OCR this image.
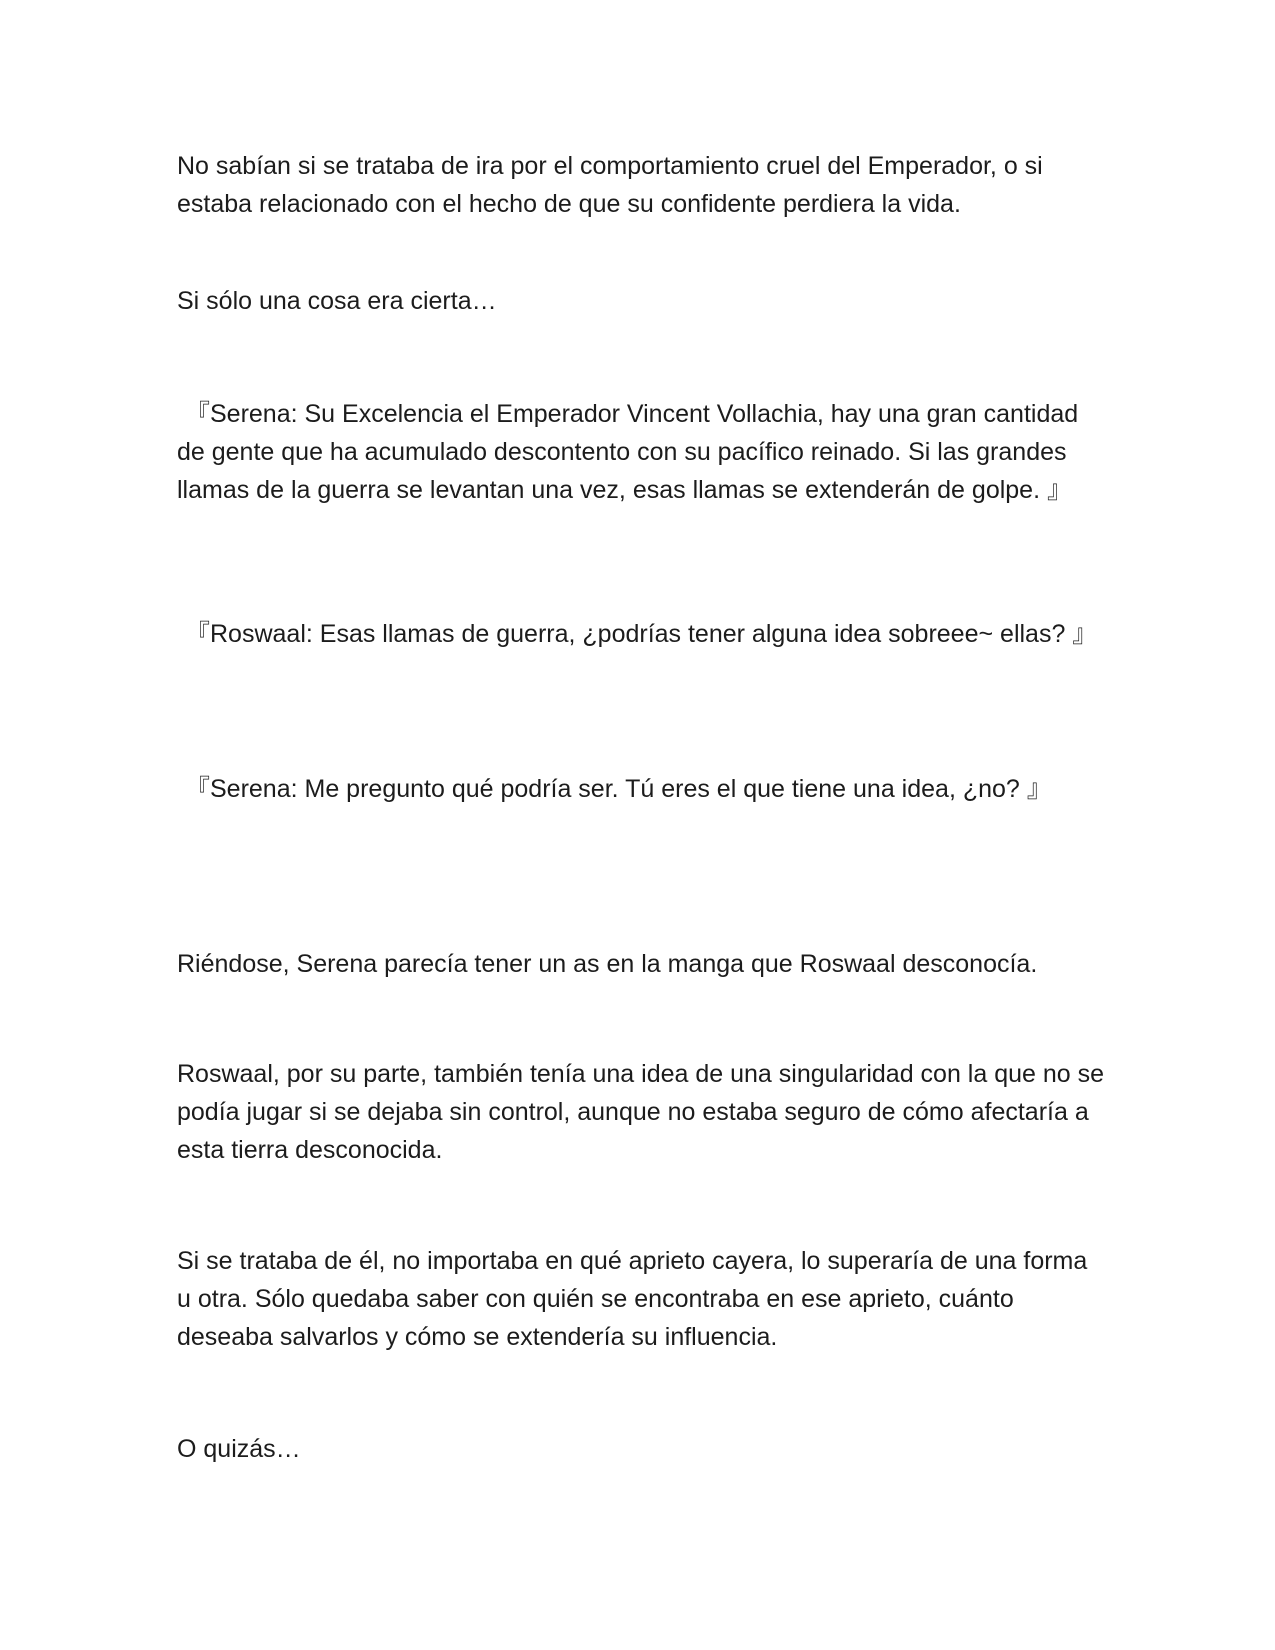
No sabían si se trataba de ira por el comportamiento cruel del Emperador, o si estaba relacionado con el hecho de que su confidente perdiera la vida.

Si sólo una cosa era cierta…

『Serena: Su Excelencia el Emperador Vincent Vollachia, hay una gran cantidad de gente que ha acumulado descontento con su pacífico reinado. Si las grandes llamas de la guerra se levantan una vez, esas llamas se extenderán de golpe. 』

『Roswaal: Esas llamas de guerra, ¿podrías tener alguna idea sobreee~ ellas? 』

『Serena: Me pregunto qué podría ser. Tú eres el que tiene una idea, ¿no? 』

Riéndose, Serena parecía tener un as en la manga que Roswaal desconocía.

Roswaal, por su parte, también tenía una idea de una singularidad con la que no se podía jugar si se dejaba sin control, aunque no estaba seguro de cómo afectaría a esta tierra desconocida.

Si se trataba de él, no importaba en qué aprieto cayera, lo superaría de una forma u otra. Sólo quedaba saber con quién se encontraba en ese aprieto, cuánto deseaba salvarlos y cómo se extendería su influencia.

O quizás…
